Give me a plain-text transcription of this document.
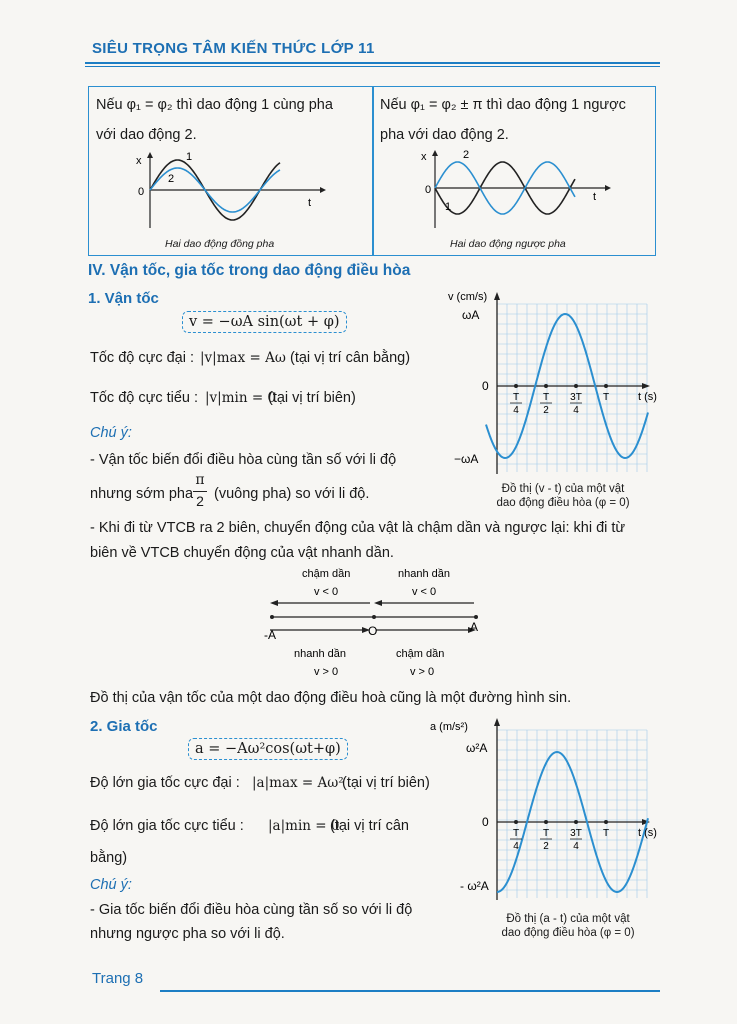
SIÊU TRỌNG TÂM KIẾN THỨC LỚP 11
Nếu φ₁ = φ₂ thì dao động 1 cùng pha
với dao động 2.
Nếu φ₁ = φ₂ ± π thì dao động 1 ngược
pha với dao động 2.
x
0
t
1
2
Hai dao động đồng pha
x
0
t
2
1
Hai dao động ngược pha
IV. Vận tốc, gia tốc trong dao động điều hòa
1. Vận tốc
v = −ωA sin(ωt + φ)
Tốc độ cực đại : |v|max = Aω (tại vị trí cân bằng)
Tốc độ cực tiểu : |v|min = 0
(tại vị trí biên)
Chú ý:
- Vận tốc biến đổi điều hòa cùng tần số với li độ
nhưng sớm pha
π
2 (vuông pha) so với li độ.
T
4
T
2
3T
4
T
v (cm/s)
ωA
0
−ωA
t (s)
Đồ thị (v - t) của một vật
dao động điều hòa (φ = 0)
- Khi đi từ VTCB ra 2 biên, chuyển động của vật là chậm dần và ngược lại: khi đi từ
biên về VTCB chuyển động của vật nhanh dần.
chậm dần	nhanh dần
v < 0	v < 0
-A	O	A
nhanh dần	chậm dần
v > 0	v > 0
Đồ thị của vận tốc của một dao động điều hoà cũng là một đường hình sin.
2. Gia tốc
a = −Aω²cos(ωt+φ)
Độ lớn gia tốc cực đại : |a|max = Aω²
(tại vị trí biên)
Độ lớn gia tốc cực tiểu : |a|min = 0
(tại vị trí cân
bằng)
Chú ý:
- Gia tốc biến đổi điều hòa cùng tần số so với li độ
nhưng ngược pha so với li độ.
T
4
T
2
3T
4
T
a (m/s²)
ω²A
0
- ω²A
t (s)
Đồ thị (a - t) của một vật
dao động điều hòa (φ = 0)
Trang 8
